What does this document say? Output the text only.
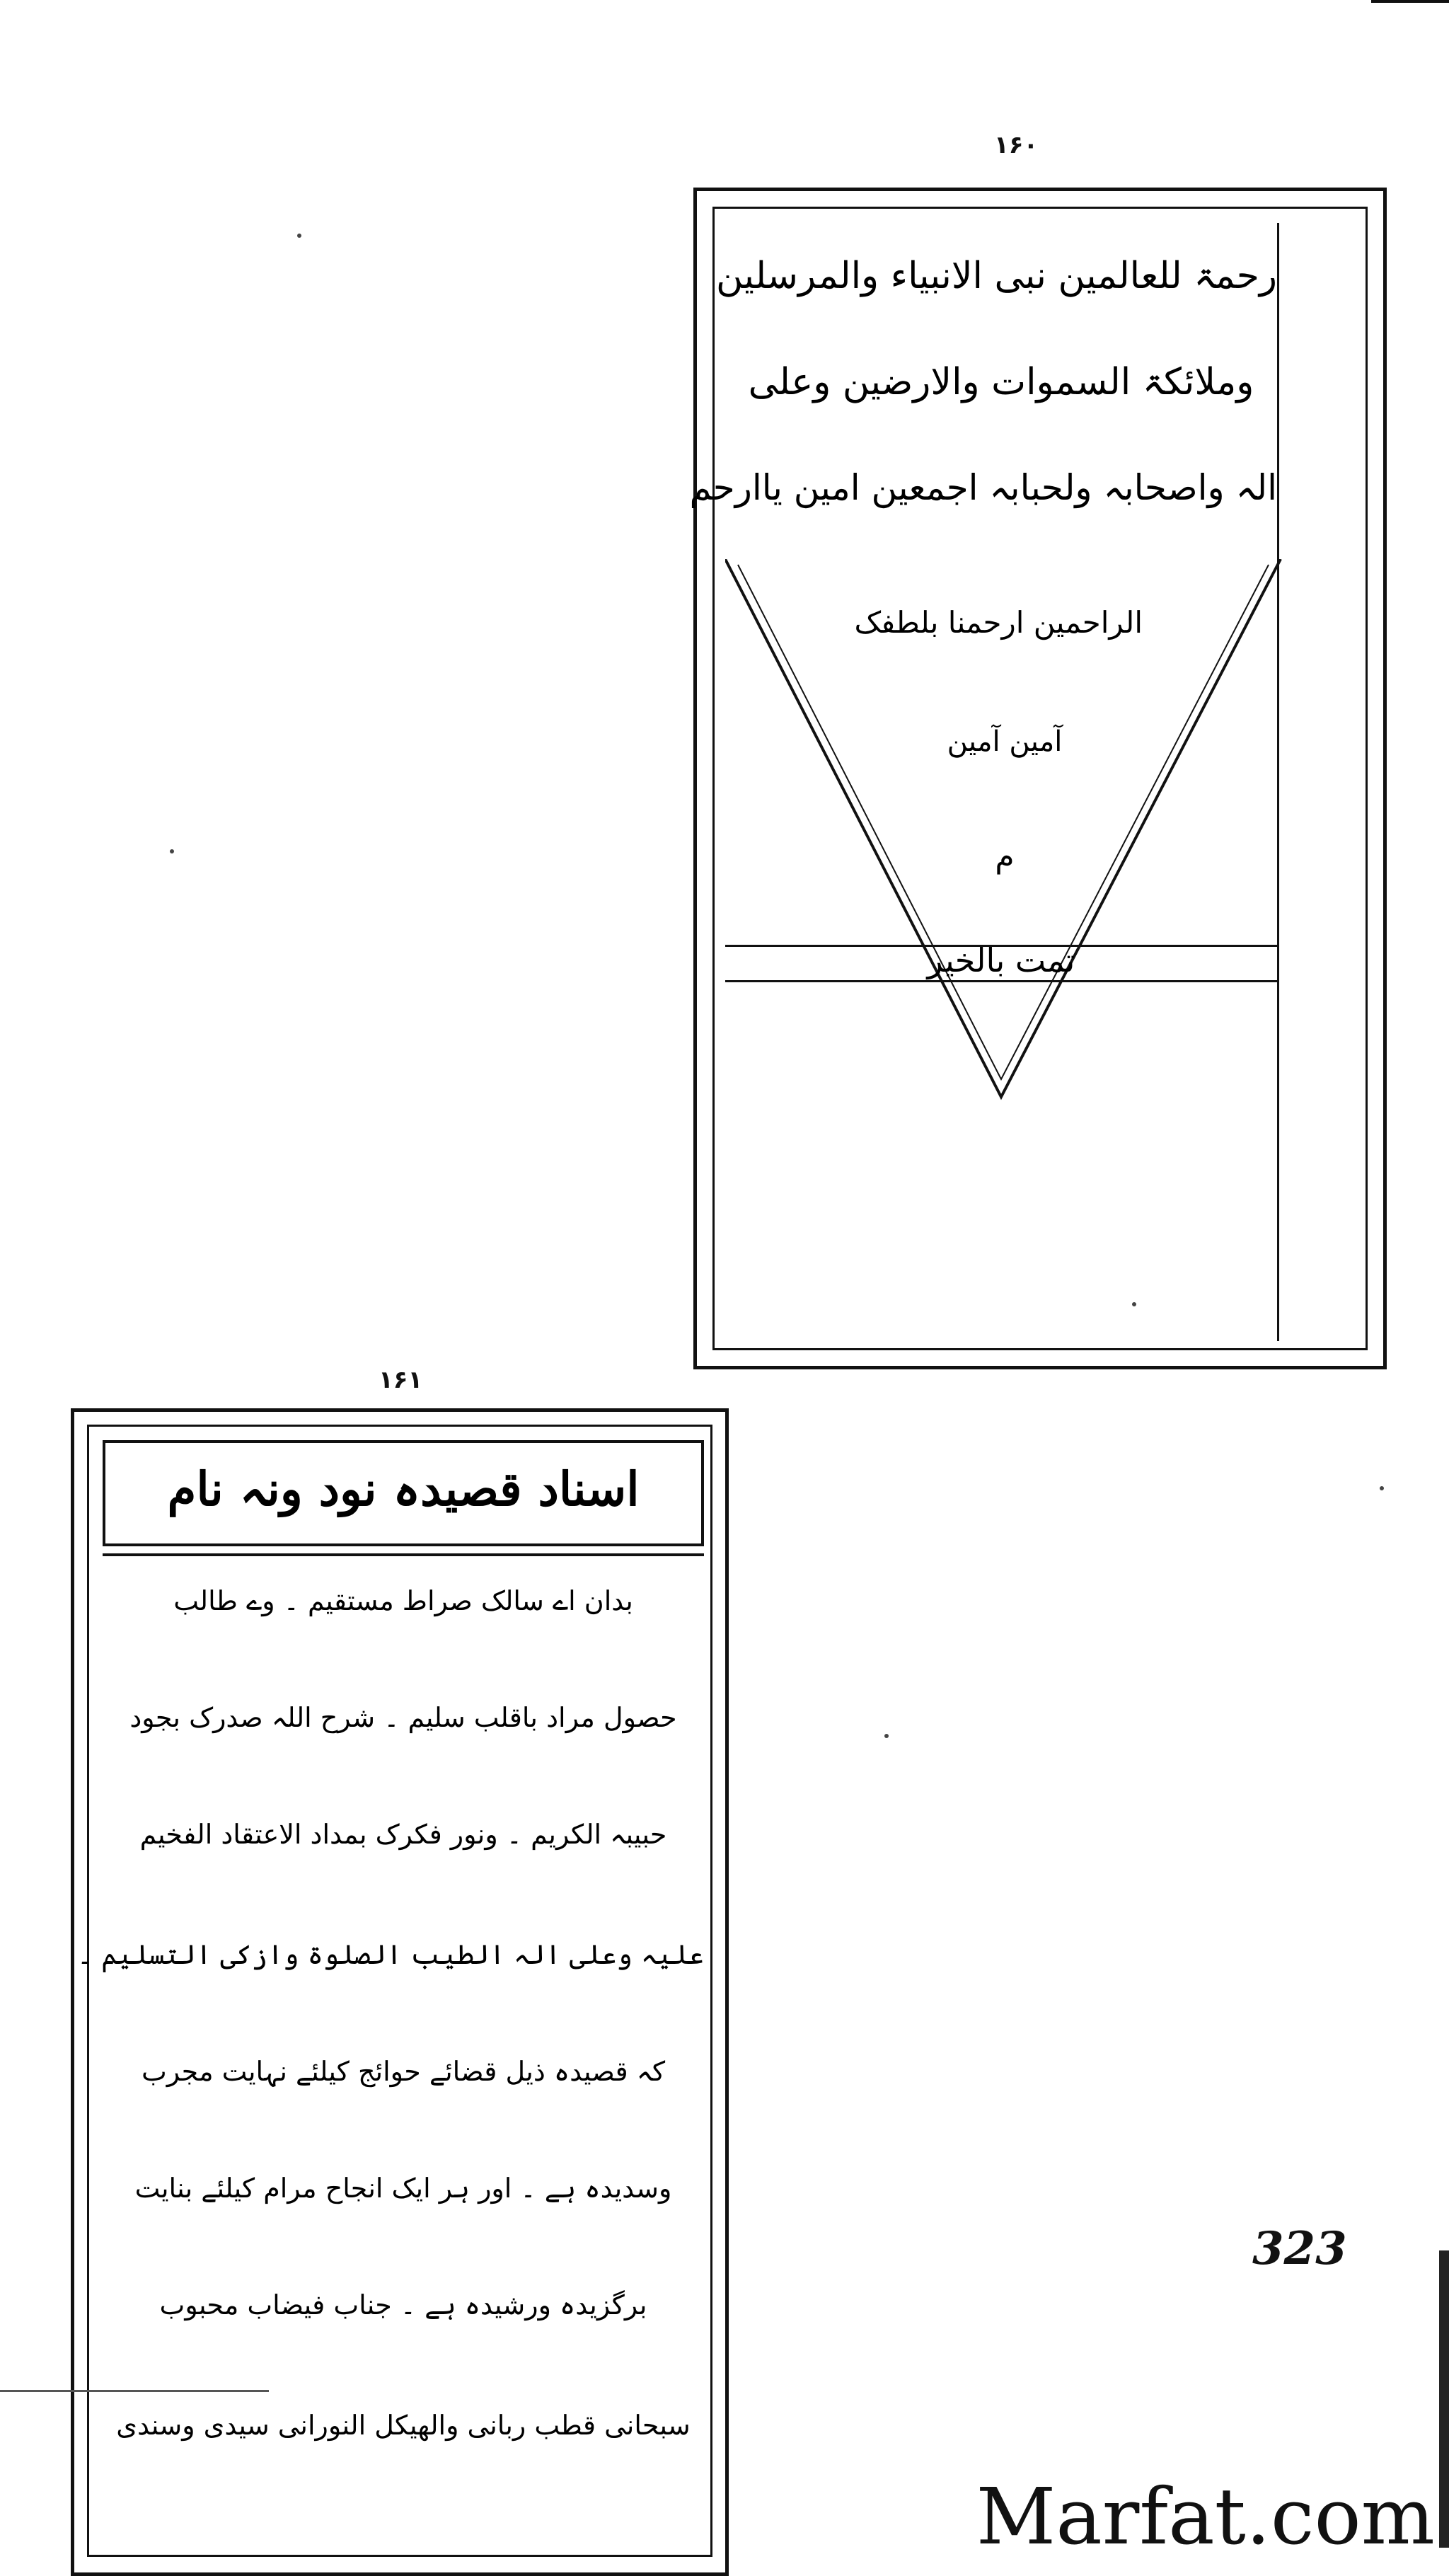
۱۶۰
رحمۃ للعالمین نبی الانبیاء والمرسلین
وملائکۃ السموات والارضین وعلی
الہ واصحابہ ولحبابہ اجمعین امین یاارحم
الراحمین ارحمنا بلطفک
آمین آمین
م
تمت بالخیر
۱۶۱
اسناد قصیدہ نود ونہ نام
بدان اے سالک صراط مستقیم ۔ وے طالب
حصول مراد باقلب سلیم ۔ شرح اللہ صدرک بجود
حبیبہ الکریم ۔ ونور فکرک بمداد الاعتقاد الفخیم
علیہ وعلی الہ الطیب الصلوۃ وازکی التسلیم ۔
کہ قصیدہ ذیل قضائے حوائج کیلئے نہایت مجرب
وسدیدہ ہے ۔ اور ہر ایک انجاح مرام کیلئے بنایت
برگزیدہ ورشیدہ ہے ۔ جناب فیضاب محبوب
سبحانی قطب ربانی والھیکل النورانی سیدی وسندی
323
Marfat.com
